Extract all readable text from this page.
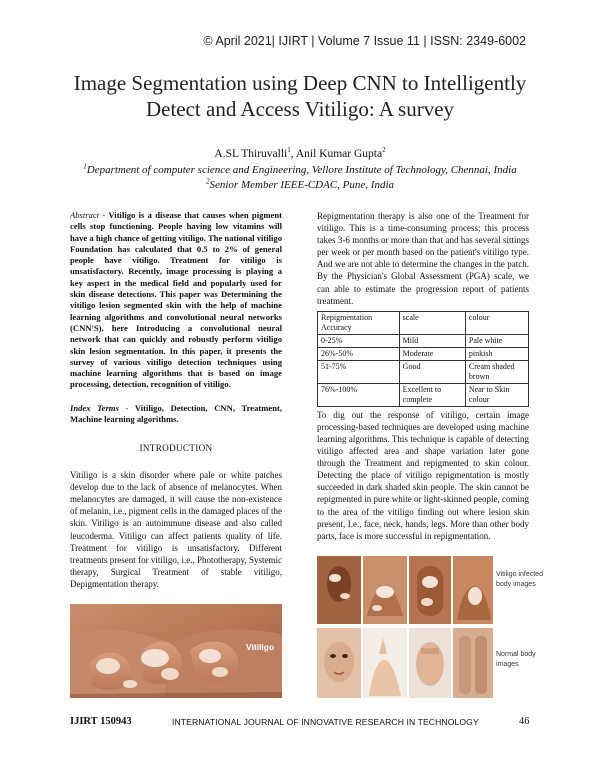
© April 2021| IJIRT | Volume 7 Issue 11 | ISSN: 2349-6002
Image Segmentation using Deep CNN to Intelligently
Detect and Access Vitiligo: A survey
A.SL Thiruvalli$^1$, Anil Kumar Gupta$^2$
$^1$Department of computer science and Engineering, Vellore Institute of Technology, Chennai, India
$^2$Senior Member IEEE-CDAC, Pune, India
Abstract - Vitiligo is a disease that causes when pigment cells stop functioning. People having low vitamins will have a high chance of getting vitiligo. The national vitiligo Foundation has calculated that 0.5 to 2% of general people have vitiligo. Treatment for vitiligo is unsatisfactory. Recently, image processing is playing a key aspect in the medical field and popularly used for skin disease detections. This paper was Determining the vitiligo lesion segmented skin with the help of machine learning algorithms and convolutional neural networks (CNN'S), here Introducing a convolutional neural network that can quickly and robustly perform vitiligo skin lesion segmentation. In this paper, it presents the survey of various vitiligo detection techniques using machine learning algorithms that is based on image processing, detection, recognition of vitiligo.
Index Terms - Vitiligo, Detection, CNN, Treatment, Machine learning algorithms.
INTRODUCTION
Vitiligo is a skin disorder where pale or white patches develop due to the lack of absence of melanocytes. When melanocytes are damaged, it will cause the non-existence of melanin, i.e., pigment cells in the damaged places of the skin. Vitiligo is an autoimmune disease and also called leucoderma. Vitiligo can affect patients quality of life. Treatment for vitiligo is unsatisfactory. Different treatments present for vitiligo, i.e., Phototherapy, Systemic therapy, Surgical Treatment of stable vitiligo, Depigmentation therapy.
Vitiligo
Repigmentation therapy is also one of the Treatment for vitiligo. This is a time-consuming process; this process takes 3-6 months or more than that and has several sittings per week or per month based on the patient's vitiligo type. And we are not able to determine the changes in the patch. By the Physician's Global Assessment (PGA) scale, we can able to estimate the progression report of patients treatment.
Repigmentation Accuracy	scale	colour
0-25%	Mild	Pale white
26%-50%	Moderate	pinkish
51-75%	Good	Cream shaded brown
76%-100%	Excellent to complete	Near to Skin colour
To dig out the response of vitiligo, certain image processing-based techniques are developed using machine learning algorithms. This technique is capable of detecting vitiligo affected area and shape variation later gone through the Treatment and repigmented to skin colour. Detecting the place of vitiligo repigmentation is mostly succeeded in dark shaded skin people. The skin cannot be repigmented in pure white or light-skinned people, coming to the area of the vitiligo finding out where lesion skin present, I.e., face, neck, hands, legs. More than other body parts, face is more successful in repigmentation.
Vitiligo infected body images
Normal body images
IJIRT 150943	INTERNATIONAL JOURNAL OF INNOVATIVE RESEARCH IN TECHNOLOGY	46
